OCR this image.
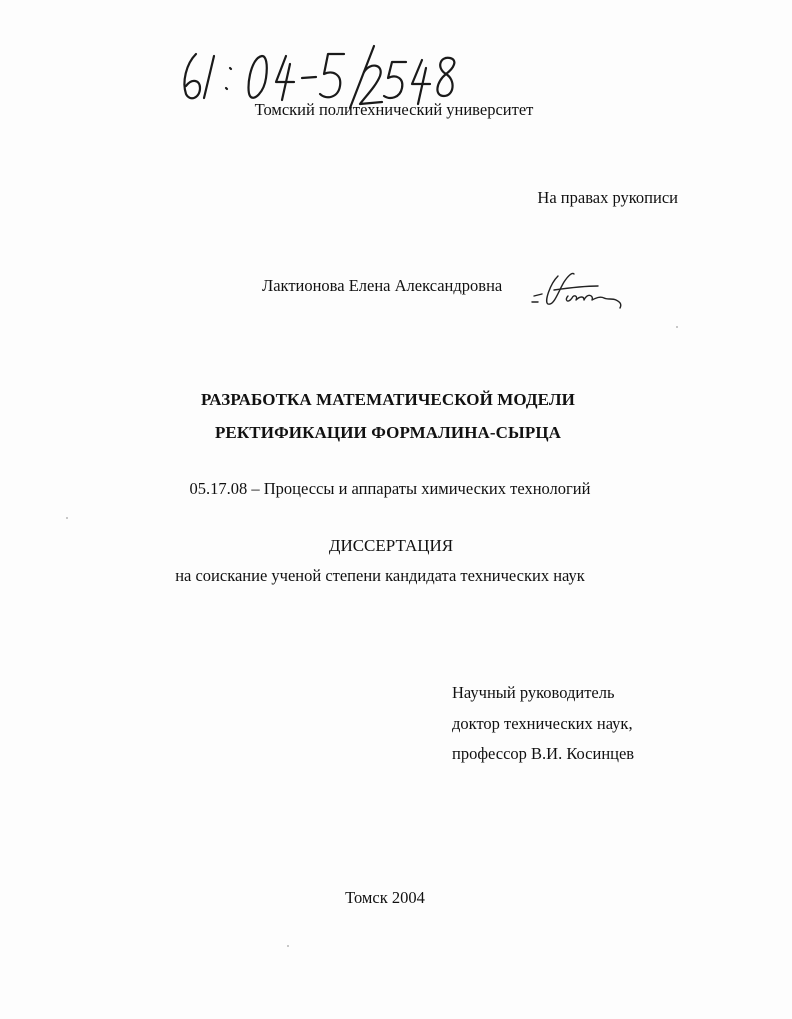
Томский политехнический университет
На правах рукописи
Лактионова Елена Александровна
РАЗРАБОТКА МАТЕМАТИЧЕСКОЙ МОДЕЛИ
РЕКТИФИКАЦИИ ФОРМАЛИНА-СЫРЦА
05.17.08 – Процессы и аппараты химических технологий
ДИССЕРТАЦИЯ
на соискание ученой степени кандидата технических наук
Научный руководитель
доктор технических наук,
профессор В.И. Косинцев
Томск 2004
